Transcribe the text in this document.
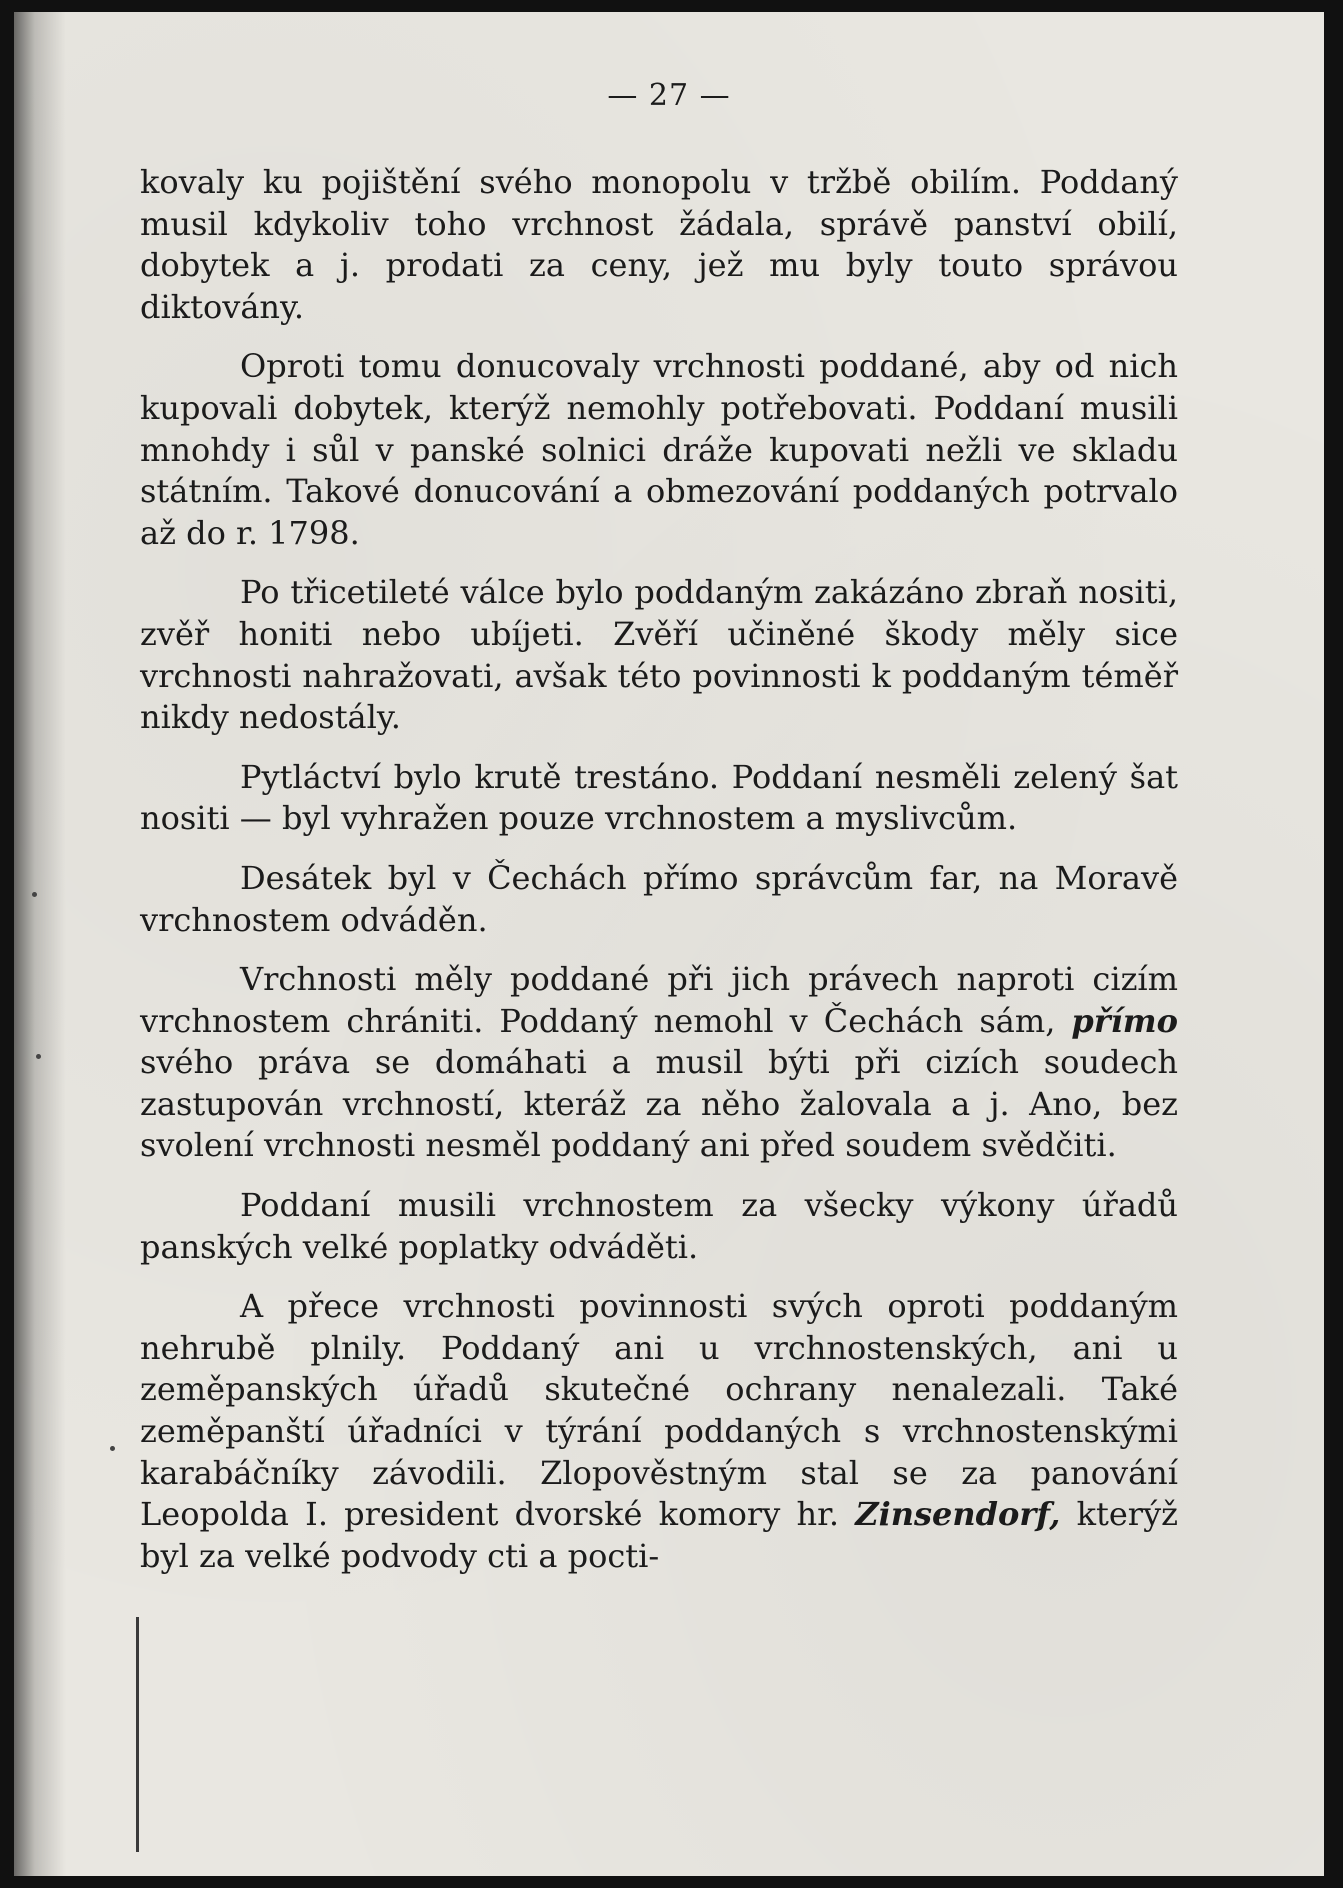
— 27 —

kovaly ku pojištění svého monopolu v tržbě obilím. Poddaný musil kdykoliv toho vrchnost žádala, správě panství obilí, dobytek a j. prodati za ceny, jež mu byly touto správou diktovány.

Oproti tomu donucovaly vrchnosti poddané, aby od nich kupovali dobytek, kterýž nemohly potřebovati. Poddaní musili mnohdy i sůl v panské solnici dráže kupovati nežli ve skladu státním. Takové donucování a obmezování poddaných potrvalo až do r. 1798.

Po třicetileté válce bylo poddaným zakázáno zbraň nositi, zvěř honiti nebo ubíjeti. Zvěří učiněné škody měly sice vrchnosti nahražovati, avšak této povinnosti k poddaným téměř nikdy nedostály.

Pytláctví bylo krutě trestáno. Poddaní nesměli zelený šat nositi — byl vyhražen pouze vrchnostem a myslivcům.

Desátek byl v Čechách přímo správcům far, na Moravě vrchnostem odváděn.

Vrchnosti měly poddané při jich právech naproti cizím vrchnostem chrániti. Poddaný nemohl v Čechách sám, přímo svého práva se domáhati a musil býti při cizích soudech zastupován vrchností, kteráž za něho žalovala a j. Ano, bez svolení vrchnosti nesměl poddaný ani před soudem svědčiti.

Poddaní musili vrchnostem za všecky výkony úřadů panských velké poplatky odváděti.

A přece vrchnosti povinnosti svých oproti poddaným nehrubě plnily. Poddaný ani u vrchnostenských, ani u zeměpanských úřadů skutečné ochrany nenalezali. Také zeměpanští úřadníci v týrání poddaných s vrchnostenskými karabáčníky závodili. Zlopověstným stal se za panování Leopolda I. president dvorské komory hr. Zinsendorf, kterýž byl za velké podvody cti a pocti-
